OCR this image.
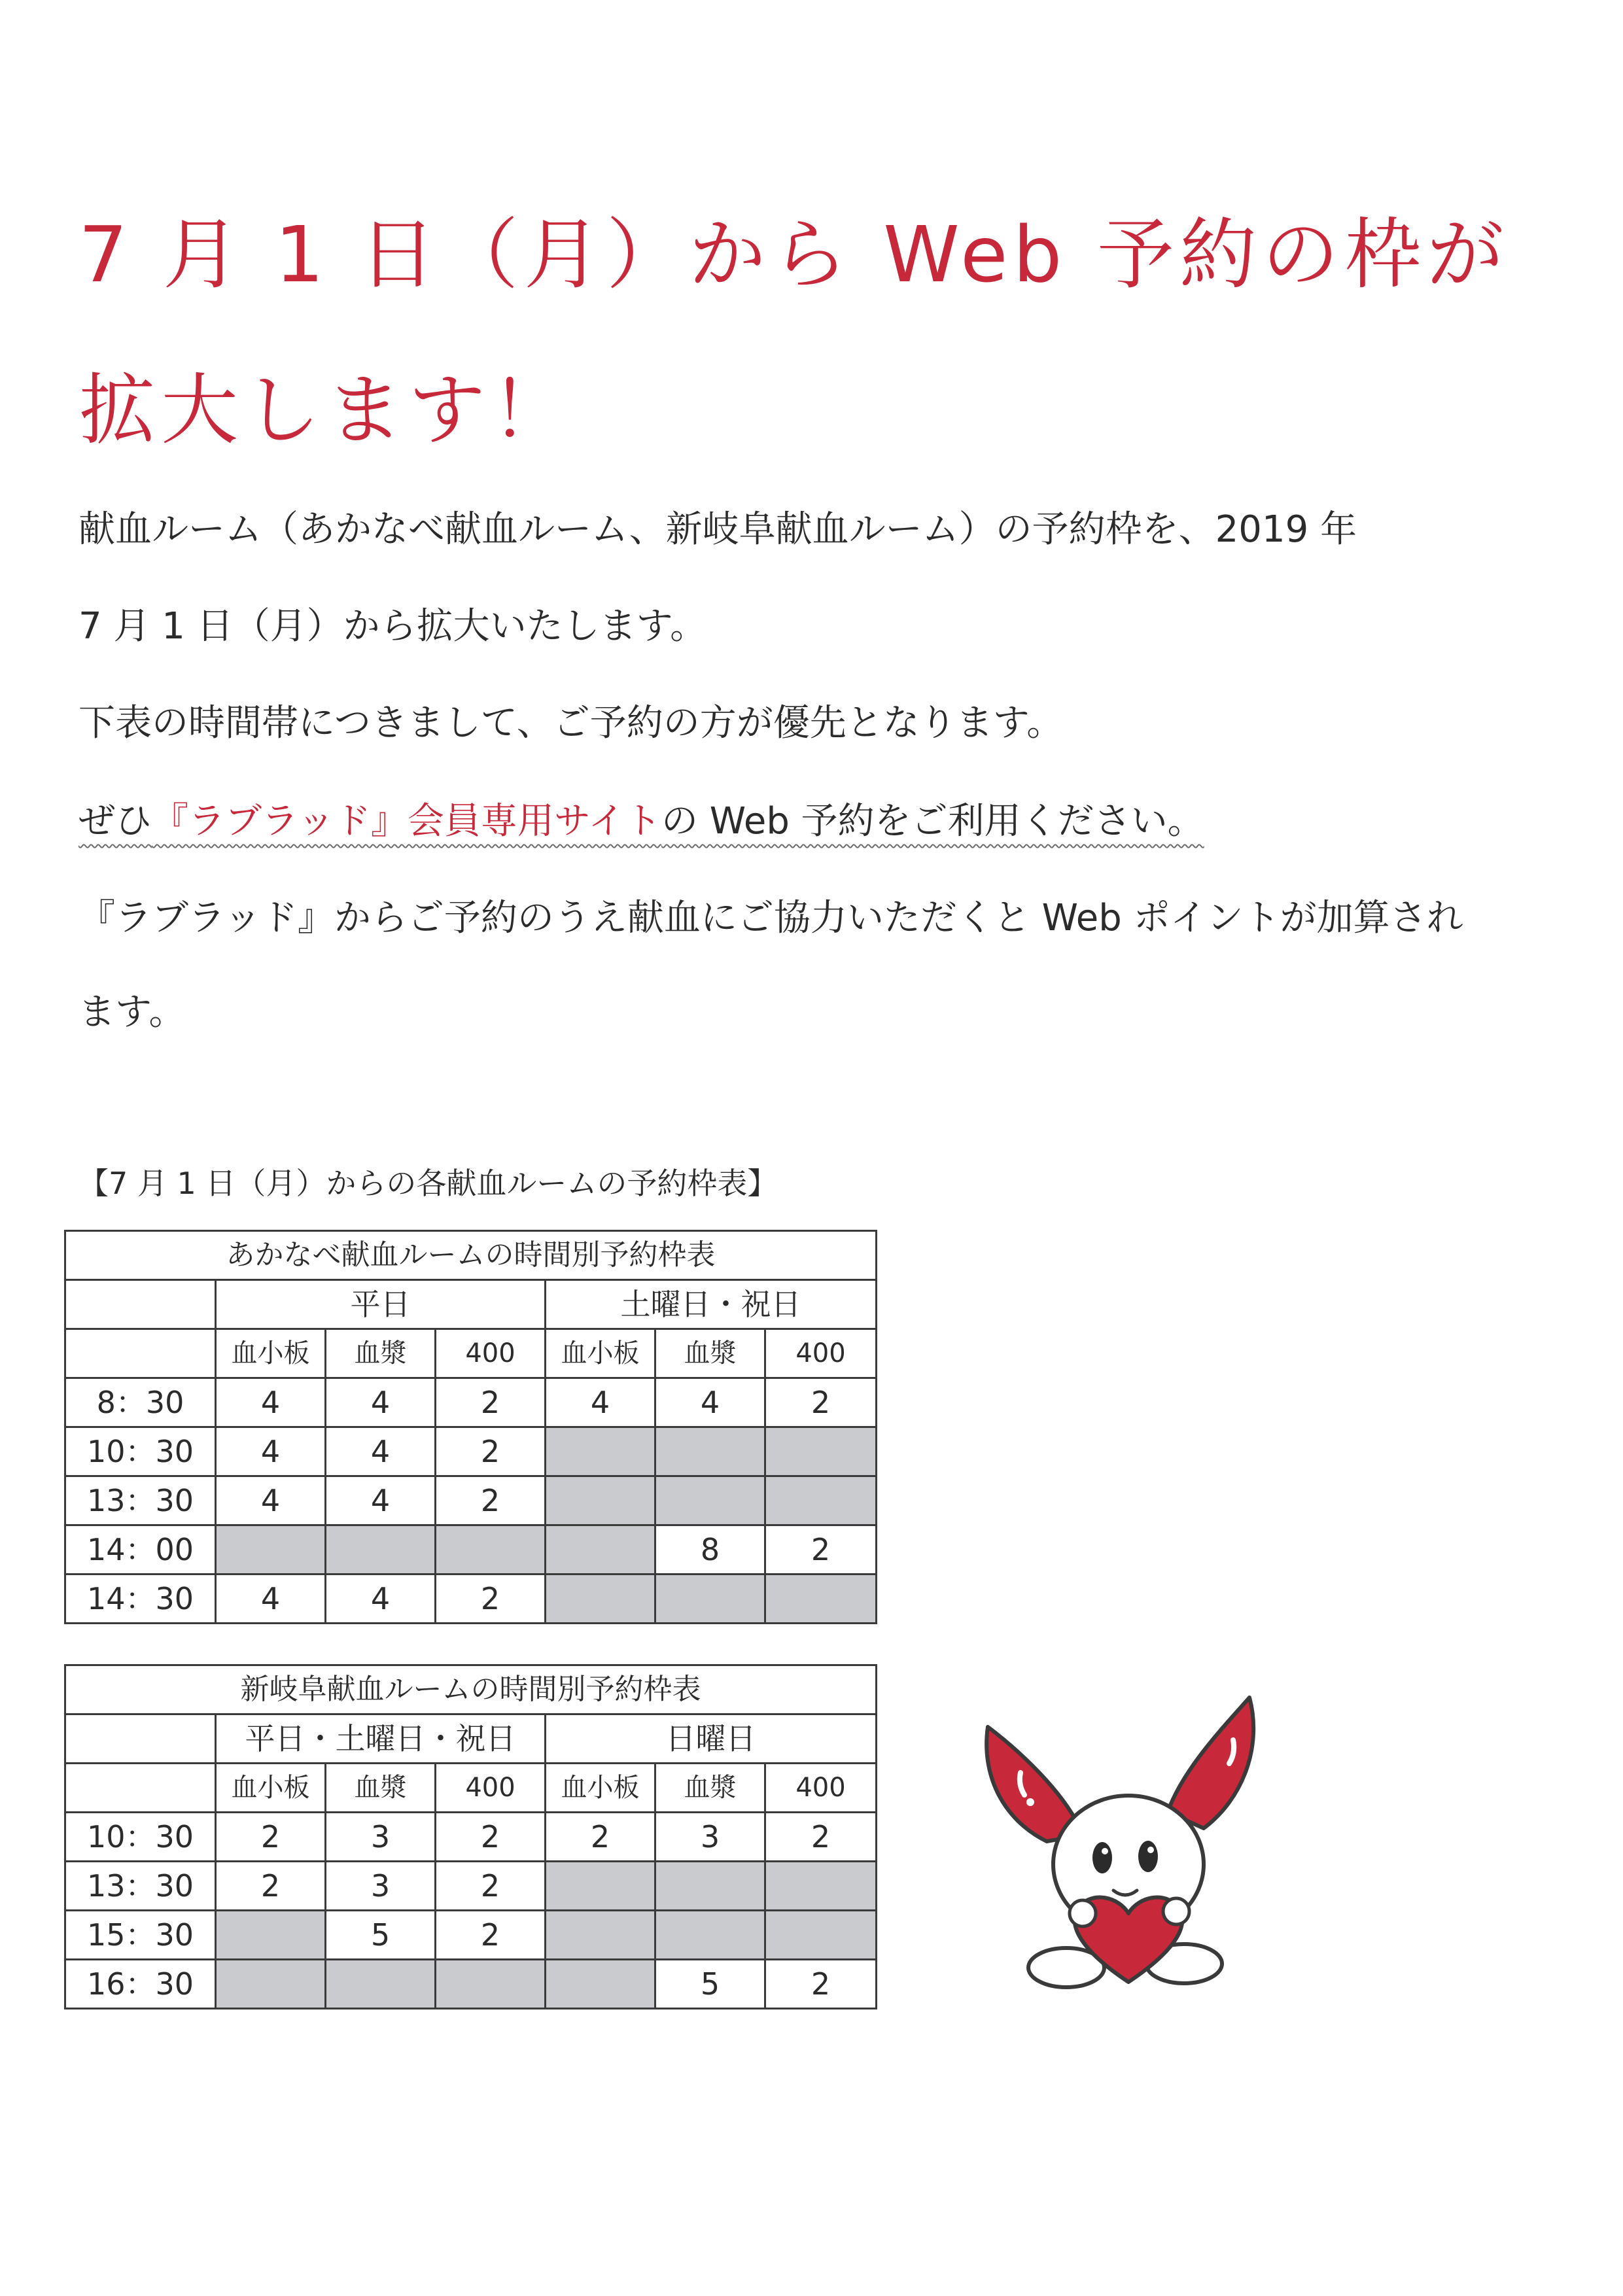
7 月 1 日（月）から Web 予約の枠が
拡大します！

献血ルーム（あかなべ献血ルーム、新岐阜献血ルーム）の予約枠を、2019 年

7 月 1 日（月）から拡大いたします。

下表の時間帯につきまして、ご予約の方が優先となります。

ぜひ『ラブラッド』会員専用サイトの Web 予約をご利用ください。

『ラブラッド』からご予約のうえ献血にご協力いただくと Web ポイントが加算され

ます。

【7 月 1 日（月）からの各献血ルームの予約枠表】

あかなべ献血ルームの時間別予約枠表						
	平日			土曜日・祝日		
	血小板	血漿	400	血小板	血漿	400
8：30	4	4	2	4	4	2
10：30	4	4	2			
13：30	4	4	2			
14：00					8	2
14：30	4	4	2			
新岐阜献血ルームの時間別予約枠表						
	平日・土曜日・祝日			日曜日		
	血小板	血漿	400	血小板	血漿	400
10：30	2	3	2	2	3	2
13：30	2	3	2			
15：30		5	2			
16：30					5	2
